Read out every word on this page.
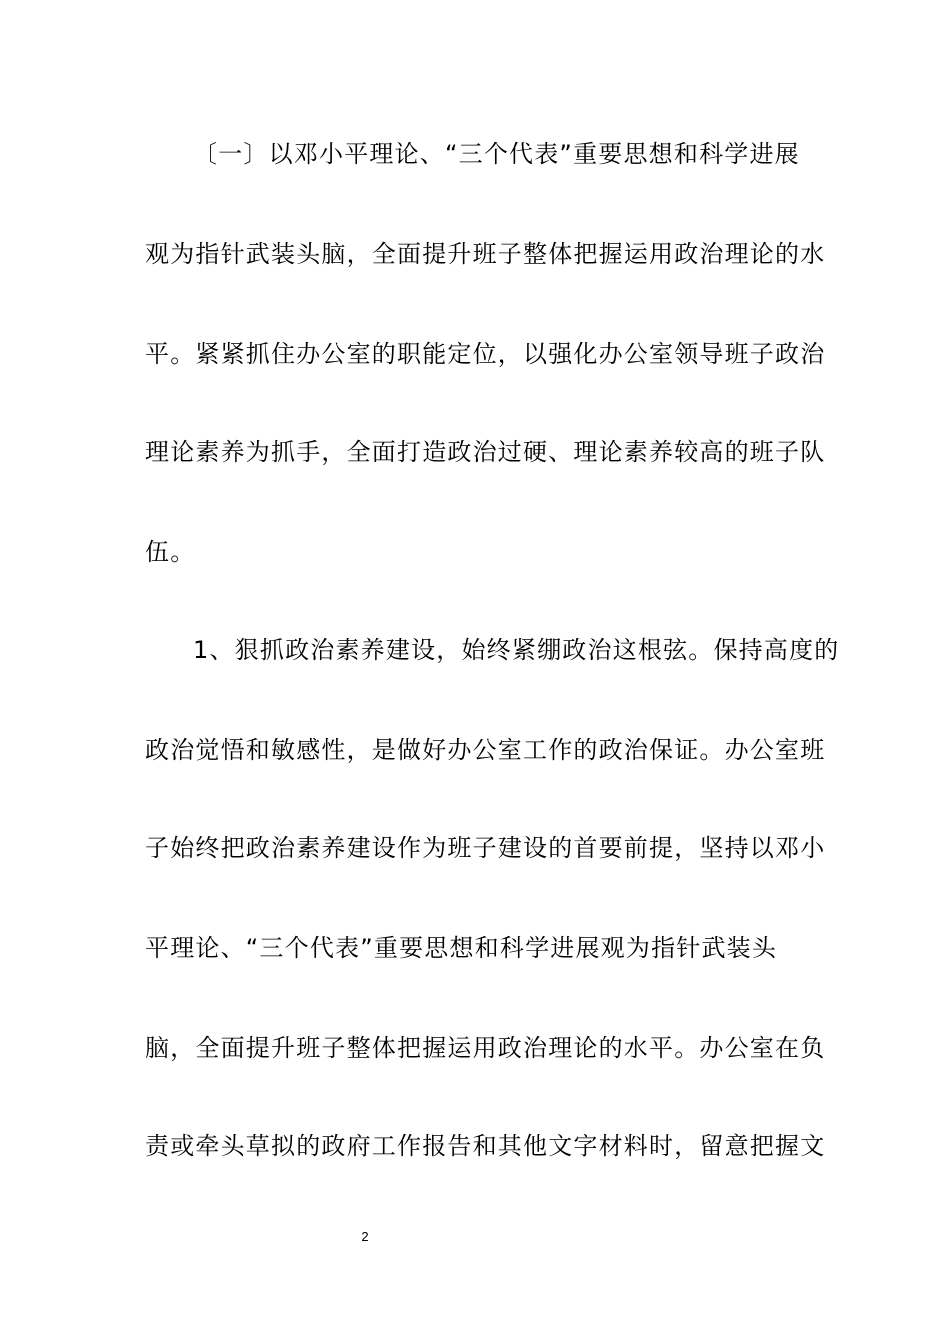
〔一〕以邓小平理论、“三个代表”重要思想和科学进展
观为指针武装头脑，全面提升班子整体把握运用政治理论的水
平。紧紧抓住办公室的职能定位，以强化办公室领导班子政治
理论素养为抓手，全面打造政治过硬、理论素养较高的班子队
伍。
1、狠抓政治素养建设，始终紧绷政治这根弦。保持高度的
政治觉悟和敏感性，是做好办公室工作的政治保证。办公室班
子始终把政治素养建设作为班子建设的首要前提，坚持以邓小
平理论、“三个代表”重要思想和科学进展观为指针武装头
脑，全面提升班子整体把握运用政治理论的水平。办公室在负
责或牵头草拟的政府工作报告和其他文字材料时，留意把握文
2
